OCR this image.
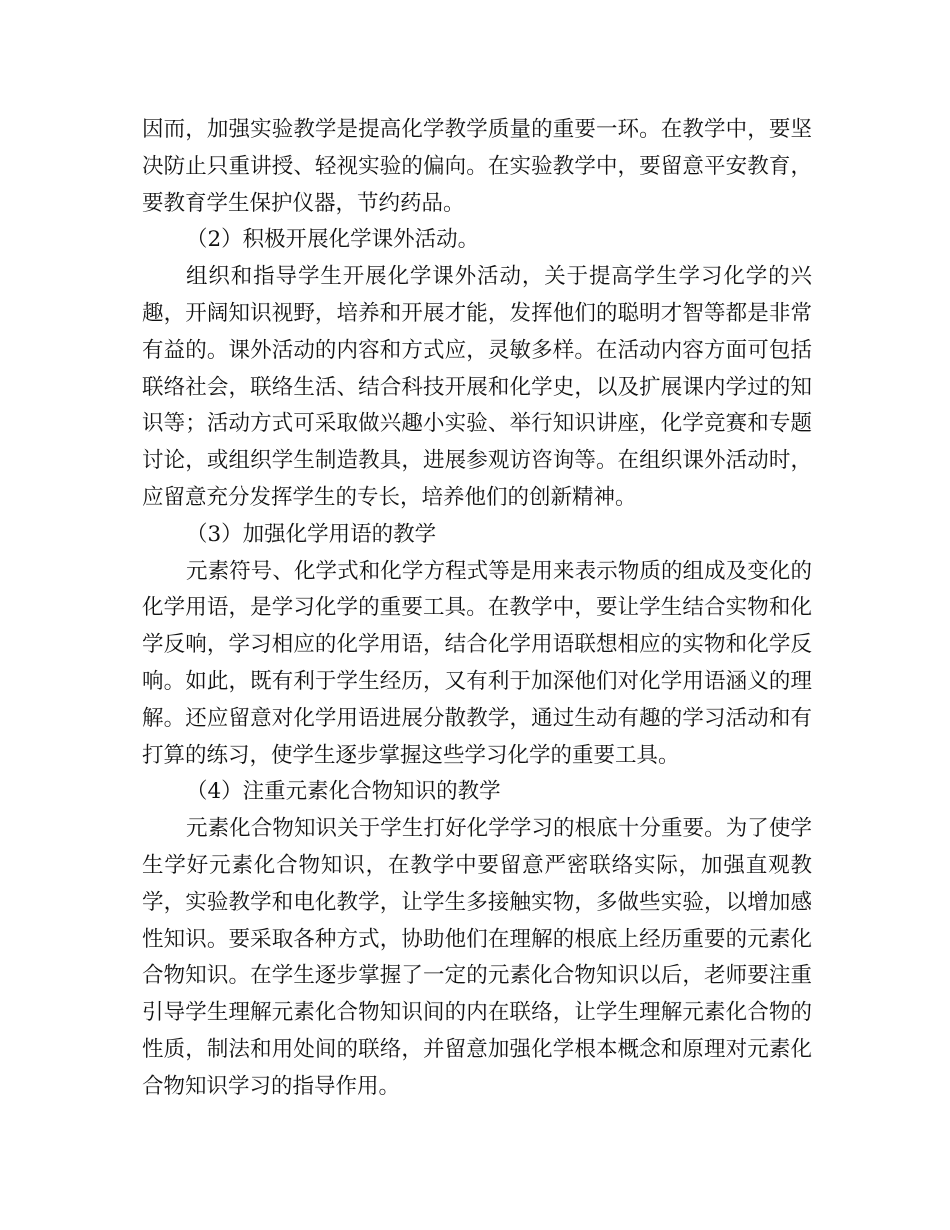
因而，加强实验教学是提高化学教学质量的重要一环。在教学中，要坚决防止只重讲授、轻视实验的偏向。在实验教学中，要留意平安教育，要教育学生保护仪器，节约药品。

（2）积极开展化学课外活动。

组织和指导学生开展化学课外活动，关于提高学生学习化学的兴趣，开阔知识视野，培养和开展才能，发挥他们的聪明才智等都是非常有益的。课外活动的内容和方式应，灵敏多样。在活动内容方面可包括联络社会，联络生活、结合科技开展和化学史，以及扩展课内学过的知识等；活动方式可采取做兴趣小实验、举行知识讲座，化学竞赛和专题讨论，或组织学生制造教具，进展参观访咨询等。在组织课外活动时，应留意充分发挥学生的专长，培养他们的创新精神。

（3）加强化学用语的教学

元素符号、化学式和化学方程式等是用来表示物质的组成及变化的化学用语，是学习化学的重要工具。在教学中，要让学生结合实物和化学反响，学习相应的化学用语，结合化学用语联想相应的实物和化学反响。如此，既有利于学生经历，又有利于加深他们对化学用语涵义的理解。还应留意对化学用语进展分散教学，通过生动有趣的学习活动和有打算的练习，使学生逐步掌握这些学习化学的重要工具。

（4）注重元素化合物知识的教学

元素化合物知识关于学生打好化学学习的根底十分重要。为了使学生学好元素化合物知识，在教学中要留意严密联络实际，加强直观教学，实验教学和电化教学，让学生多接触实物，多做些实验，以增加感性知识。要采取各种方式，协助他们在理解的根底上经历重要的元素化合物知识。在学生逐步掌握了一定的元素化合物知识以后，老师要注重引导学生理解元素化合物知识间的内在联络，让学生理解元素化合物的性质，制法和用处间的联络，并留意加强化学根本概念和原理对元素化合物知识学习的指导作用。
